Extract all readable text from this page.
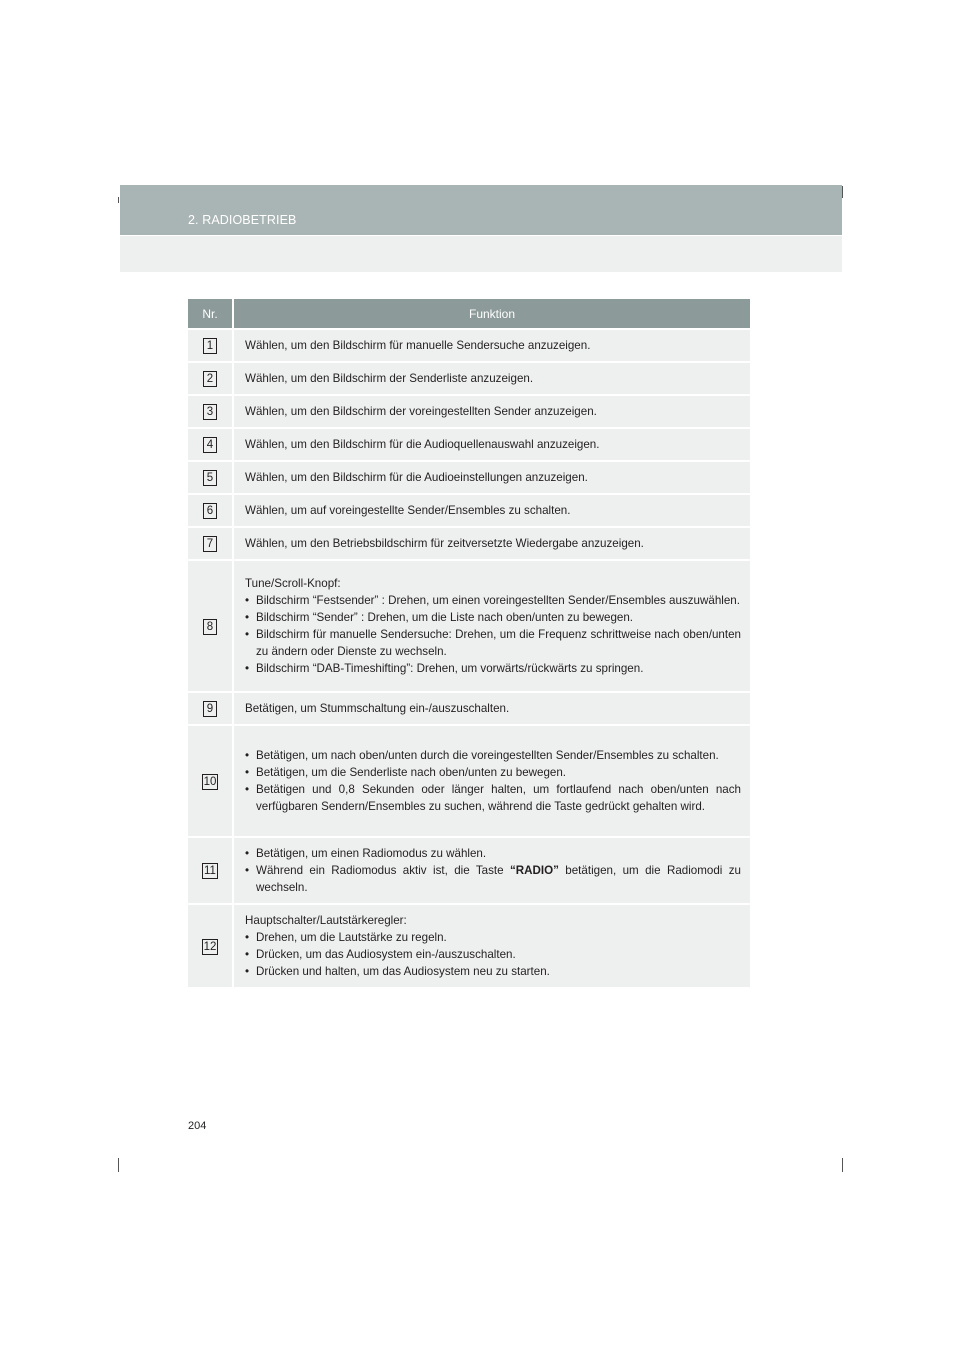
2. RADIOBETRIEB
Nr.	Funktion
1	Wählen, um den Bildschirm für manuelle Sendersuche anzuzeigen.

2	Wählen, um den Bildschirm der Senderliste anzuzeigen.

3	Wählen, um den Bildschirm der voreingestellten Sender anzuzeigen.

4	Wählen, um den Bildschirm für die Audioquellenauswahl anzuzeigen.

5	Wählen, um den Bildschirm für die Audioeinstellungen anzuzeigen.

6	Wählen, um auf voreingestellte Sender/Ensembles zu schalten.

7	Wählen, um den Betriebsbildschirm für zeitversetzte Wiedergabe anzuzeigen.

8	Tune/Scroll-Knopf:
• Bildschirm “Festsender” : Drehen, um einen voreingestellten Sender/Ensembles auszuwählen.
• Bildschirm “Sender” : Drehen, um die Liste nach oben/unten zu bewegen.
• Bildschirm für manuelle Sendersuche: Drehen, um die Frequenz schrittweise nach oben/unten zu ändern oder Dienste zu wechseln.
• Bildschirm “DAB-Timeshifting”: Drehen, um vorwärts/rückwärts zu springen.

9	Betätigen, um Stummschaltung ein-/auszuschalten.

10	• Betätigen, um nach oben/unten durch die voreingestellten Sender/Ensembles zu schalten.
• Betätigen, um die Senderliste nach oben/unten zu bewegen.
• Betätigen und 0,8 Sekunden oder länger halten, um fortlaufend nach oben/unten nach verfügbaren Sendern/Ensembles zu suchen, während die Taste gedrückt gehalten wird.

11	• Betätigen, um einen Radiomodus zu wählen.
• Während ein Radiomodus aktiv ist, die Taste “RADIO” betätigen, um die Radiomodi zu wechseln.

12	Hauptschalter/Lautstärkeregler:
• Drehen, um die Lautstärke zu regeln.
• Drücken, um das Audiosystem ein-/auszuschalten.
• Drücken und halten, um das Audiosystem neu zu starten.
204
